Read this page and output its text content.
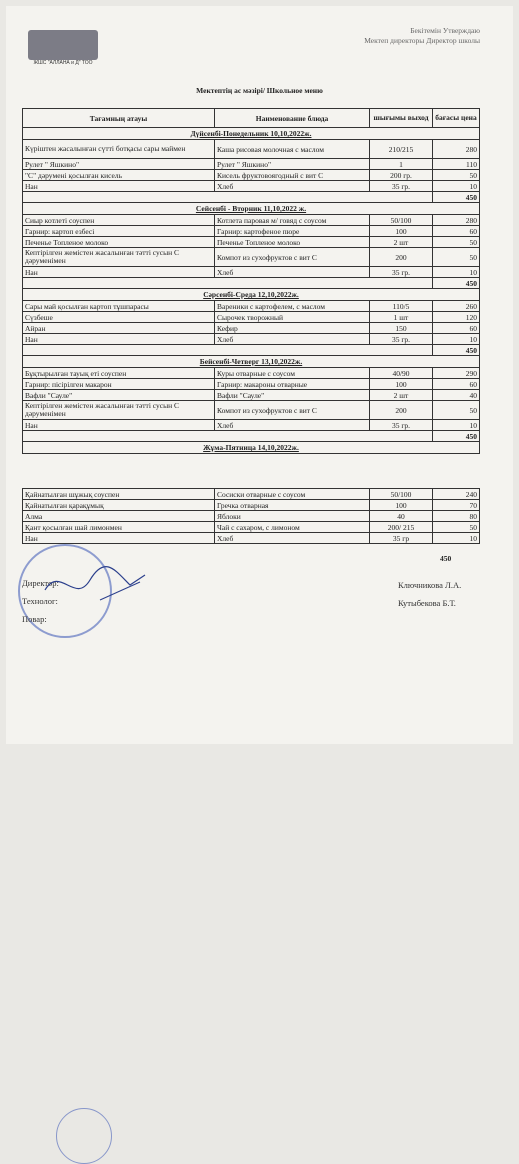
ЖШС "АЛЛАНА и Д" ТОО
Бекітемін Утверждаю
Мектеп директоры Директор школы
Мектептің ас мәзірі/ Школьное меню
Тағамның атауы	Наименование блюда	шығымы выход	бағасы цена
Дүйсенбі-Понедельник 10,10,2022ж.			
Күріштен жасалынған сүтті ботқасы сары маймен	Каша рисовая молочная с маслом	210/215	280
Рулет " Яшкино"	Рулет " Яшкино"	1	110
"С" дәрумені қосылған кисель	Кисель фруктовоягодный с вит С	200 гр.	50
Нан	Хлеб	35 гр.	10
			450
Сейсенбі - Вторник 11,10,2022 ж.			
Сиыр котлеті соуспен	Котлета паровая м/ говяд с соусом	50/100	280
Гарнир: картоп езбесі	Гарнир: картофеное пюре	100	60
Печенье Топленое молоко	Печенье Топленое молоко	2 шт	50
Кептірілген жемістен жасалынған тәтті сусын С дәруменімен	Компот из сухофруктов с вит С	200	50
Нан	Хлеб	35 гр.	10
			450
Сәрсенбі-Среда 12,10,2022ж.			
Сары май қосылған картоп тұшпарасы	Вареники с картофелем, с маслом	110/5	260
Сүзбеше	Сырочек творожный	1 шт	120
Айран	Кефир	150	60
Нан	Хлеб	35 гр.	10
			450
Бейсенбі-Четверг 13,10,2022ж.			
Бұқтырылған тауық еті соуспен	Куры отварные с соусом	40/90	290
Гарнир: пісірілген макарон	Гарнир: макароны отварные	100	60
Вафли "Сауле"	Вафли "Сауле"	2 шт	40
Кептірілген жемістен жасалынған тәтті сусын С дәруменімен	Компот из сухофруктов с вит С	200	50
Нан	Хлеб	35 гр.	10
			450
Жұма-Пятница 14,10,2022ж.			
Қайнатылған шұжық соуспен	Сосиски отварные с соусом	50/100	240
Қайнатылған қарақұмық	Гречка отварная	100	70
Алма	Яблоки	40	80
Қант қосылған шай лимонмен	Чай с сахаром, с лимоном	200/ 215	50
Нан	Хлеб	35 гр	10
450
Директор:
Технолог:
Повар:
Ключникова Л.А.
Кутыбекова Б.Т.
